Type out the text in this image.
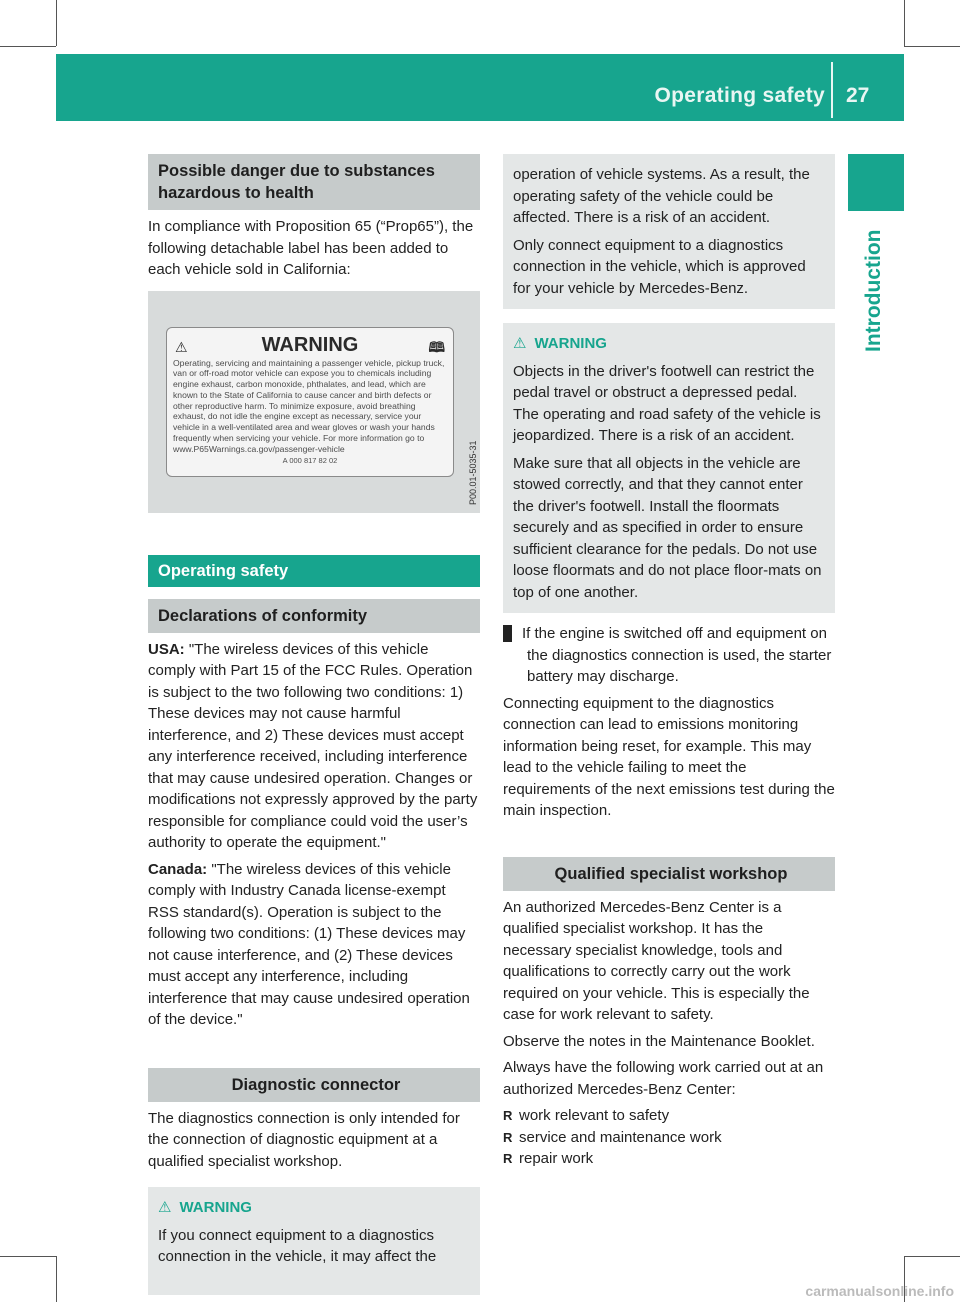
Operating safety 27
Introduction
Possible danger due to substances hazardous to health

In compliance with Proposition 65 (“Prop65”), the following detachable label has been added to each vehicle sold in California:

⚠	WARNING	🕮
Operating, servicing and maintaining a passenger vehicle, pickup truck, van or off-road motor vehicle can expose you to chemicals including engine exhaust, carbon monoxide, phthalates, and lead, which are known to the State of California to cause cancer and birth defects or other reproductive harm. To minimize exposure, avoid breathing exhaust, do not idle the engine except as necessary, service your vehicle in a well-ventilated area and wear gloves or wash your hands frequently when servicing your vehicle. For more information go to www.P65Warnings.ca.gov/passenger-vehicle
A 000 817 82 02	P00.01-5035-31
Operating safety
Declarations of conformity

USA: "The wireless devices of this vehicle comply with Part 15 of the FCC Rules. Operation is subject to the two following two conditions: 1) These devices may not cause harmful interference, and 2) These devices must accept any interference received, including interference that may cause undesired operation. Changes or modifications not expressly approved by the party responsible for compliance could void the user’s authority to operate the equipment."

Canada: "The wireless devices of this vehicle comply with Industry Canada license-exempt RSS standard(s). Operation is subject to the following two conditions: (1) These devices may not cause interference, and (2) These devices must accept any interference, including interference that may cause undesired operation of the device."

Diagnostic connector

The diagnostics connection is only intended for the connection of diagnostic equipment at a qualified specialist workshop.

⚠ WARNING

If you connect equipment to a diagnostics connection in the vehicle, it may affect the

operation of vehicle systems. As a result, the operating safety of the vehicle could be affected. There is a risk of an accident.

Only connect equipment to a diagnostics connection in the vehicle, which is approved for your vehicle by Mercedes-Benz.

⚠ WARNING

Objects in the driver's footwell can restrict the pedal travel or obstruct a depressed pedal. The operating and road safety of the vehicle is jeopardized. There is a risk of an accident.

Make sure that all objects in the vehicle are stowed correctly, and that they cannot enter the driver's footwell. Install the floormats securely and as specified in order to ensure sufficient clearance for the pedals. Do not use loose floormats and do not place floor-mats on top of one another.

! If the engine is switched off and equipment on the diagnostics connection is used, the starter battery may discharge.

Connecting equipment to the diagnostics connection can lead to emissions monitoring information being reset, for example. This may lead to the vehicle failing to meet the requirements of the next emissions test during the main inspection.

Qualified specialist workshop

An authorized Mercedes-Benz Center is a qualified specialist workshop. It has the necessary specialist knowledge, tools and qualifications to correctly carry out the work required on your vehicle. This is especially the case for work relevant to safety.

Observe the notes in the Maintenance Booklet.

Always have the following work carried out at an authorized Mercedes-Benz Center:

R work relevant to safety
R service and maintenance work
R repair work
carmanualsonline.info
